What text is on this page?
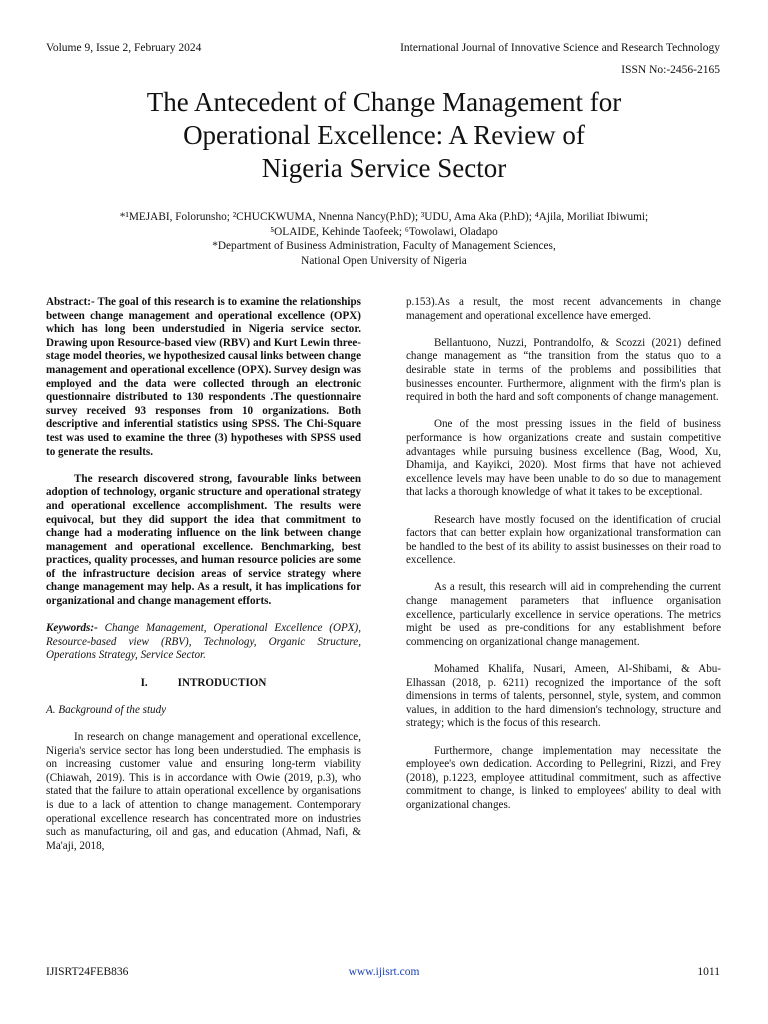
Volume 9, Issue 2, February 2024	International Journal of Innovative Science and Research Technology
ISSN No:-2456-2165
The Antecedent of Change Management for
Operational Excellence: A Review of
Nigeria Service Sector
*¹MEJABI, Folorunsho; ²CHUCKWUMA, Nnenna Nancy(P.hD); ³UDU, Ama Aka (P.hD); ⁴Ajila, Moriliat Ibiwumi;
⁵OLAIDE, Kehinde Taofeek; ⁶Towolawi, Oladapo
*Department of Business Administration, Faculty of Management Sciences,
National Open University of Nigeria

Abstract:- The goal of this research is to examine the relationships between change management and operational excellence (OPX) which has long been understudied in Nigeria service sector. Drawing upon Resource-based view (RBV) and Kurt Lewin three-stage model theories, we hypothesized causal links between change management and operational excellence (OPX). Survey design was employed and the data were collected through an electronic questionnaire distributed to 130 respondents .The questionnaire survey received 93 responses from 10 organizations. Both descriptive and inferential statistics using SPSS. The Chi-Square test was used to examine the three (3) hypotheses with SPSS used to generate the results.

The research discovered strong, favourable links between adoption of technology, organic structure and operational strategy and operational excellence accomplishment. The results were equivocal, but they did support the idea that commitment to change had a moderating influence on the link between change management and operational excellence. Benchmarking, best practices, quality processes, and human resource policies are some of the infrastructure decision areas of service strategy where change management may help. As a result, it has implications for organizational and change management efforts.

Keywords:- Change Management, Operational Excellence (OPX), Resource-based view (RBV), Technology, Organic Structure, Operations Strategy, Service Sector.

I.	INTRODUCTION

A. Background of the study

In research on change management and operational excellence, Nigeria's service sector has long been understudied. The emphasis is on increasing customer value and ensuring long-term viability (Chiawah, 2019). This is in accordance with Owie (2019, p.3), who stated that the failure to attain operational excellence by organisations is due to a lack of attention to change management. Contemporary operational excellence research has concentrated more on industries such as manufacturing, oil and gas, and education (Ahmad, Nafi, & Ma'aji, 2018,

p.153).As a result, the most recent advancements in change management and operational excellence have emerged.

Bellantuono, Nuzzi, Pontrandolfo, & Scozzi (2021) defined change management as “the transition from the status quo to a desirable state in terms of the problems and possibilities that businesses encounter. Furthermore, alignment with the firm's plan is required in both the hard and soft components of change management.

One of the most pressing issues in the field of business performance is how organizations create and sustain competitive advantages while pursuing business excellence (Bag, Wood, Xu, Dhamija, and Kayikci, 2020). Most firms that have not achieved excellence levels may have been unable to do so due to management that lacks a thorough knowledge of what it takes to be exceptional.

Research have mostly focused on the identification of crucial factors that can better explain how organizational transformation can be handled to the best of its ability to assist businesses on their road to excellence.

As a result, this research will aid in comprehending the current change management parameters that influence organisation excellence, particularly excellence in service operations. The metrics might be used as pre-conditions for any establishment before commencing on organizational change management.

Mohamed Khalifa, Nusari, Ameen, Al-Shibami, & Abu-Elhassan (2018, p. 6211) recognized the importance of the soft dimensions in terms of talents, personnel, style, system, and common values, in addition to the hard dimension's technology, structure and strategy; which is the focus of this research.

Furthermore, change implementation may necessitate the employee's own dedication. According to Pellegrini, Rizzi, and Frey (2018), p.1223, employee attitudinal commitment, such as affective commitment to change, is linked to employees' ability to deal with organizational changes.

IJISRT24FEB836	www.ijisrt.com	1011
